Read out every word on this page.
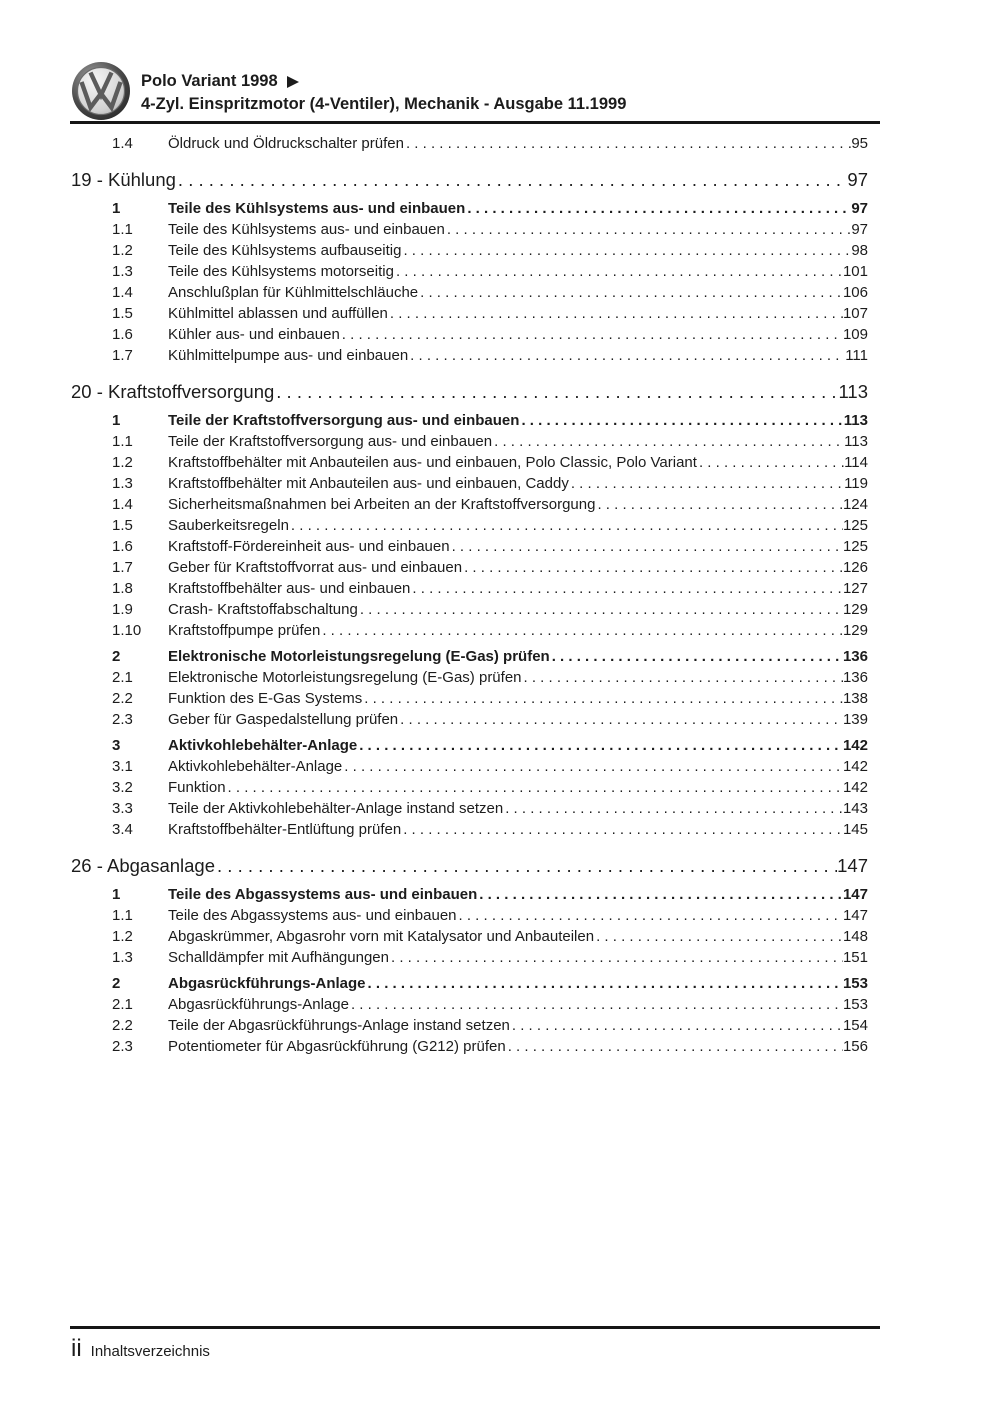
Polo Variant 1998
4-Zyl. Einspritzmotor (4-Ventiler), Mechanik - Ausgabe 11.1999
1.4	Öldruck und Öldruckschalter prüfen . . .	95
19 - Kühlung . . .	97
1	Teile des Kühlsystems aus- und einbauen . . .	97
1.1	Teile des Kühlsystems aus- und einbauen . . .	97
1.2	Teile des Kühlsystems aufbauseitig . . .	98
1.3	Teile des Kühlsystems motorseitig . . .	101
1.4	Anschlußplan für Kühlmittelschläuche . . .	106
1.5	Kühlmittel ablassen und auffüllen . . .	107
1.6	Kühler aus- und einbauen . . .	109
1.7	Kühlmittelpumpe aus- und einbauen . . .	111
20 - Kraftstoffversorgung . . .	113
1	Teile der Kraftstoffversorgung aus- und einbauen . . .	113
1.1	Teile der Kraftstoffversorgung aus- und einbauen . . .	113
1.2	Kraftstoffbehälter mit Anbauteilen aus- und einbauen, Polo Classic, Polo Variant . . .	114
1.3	Kraftstoffbehälter mit Anbauteilen aus- und einbauen, Caddy . . .	119
1.4	Sicherheitsmaßnahmen bei Arbeiten an der Kraftstoffversorgung . . .	124
1.5	Sauberkeitsregeln . . .	125
1.6	Kraftstoff-Fördereinheit aus- und einbauen . . .	125
1.7	Geber für Kraftstoffvorrat aus- und einbauen . . .	126
1.8	Kraftstoffbehälter aus- und einbauen . . .	127
1.9	Crash- Kraftstoffabschaltung . . .	129
1.10	Kraftstoffpumpe prüfen . . .	129
2	Elektronische Motorleistungsregelung (E-Gas) prüfen . . .	136
2.1	Elektronische Motorleistungsregelung (E-Gas) prüfen . . .	136
2.2	Funktion des E-Gas Systems . . .	138
2.3	Geber für Gaspedalstellung prüfen . . .	139
3	Aktivkohlebehälter-Anlage . . .	142
3.1	Aktivkohlebehälter-Anlage . . .	142
3.2	Funktion . . .	142
3.3	Teile der Aktivkohlebehälter-Anlage instand setzen . . .	143
3.4	Kraftstoffbehälter-Entlüftung prüfen . . .	145
26 - Abgasanlage . . .	147
1	Teile des Abgassystems aus- und einbauen . . .	147
1.1	Teile des Abgassystems aus- und einbauen . . .	147
1.2	Abgaskrümmer, Abgasrohr vorn mit Katalysator und Anbauteilen . . .	148
1.3	Schalldämpfer mit Aufhängungen . . .	151
2	Abgasrückführungs-Anlage . . .	153
2.1	Abgasrückführungs-Anlage . . .	153
2.2	Teile der Abgasrückführungs-Anlage instand setzen . . .	154
2.3	Potentiometer für Abgasrückführung (G212) prüfen . . .	156
ii Inhaltsverzeichnis
